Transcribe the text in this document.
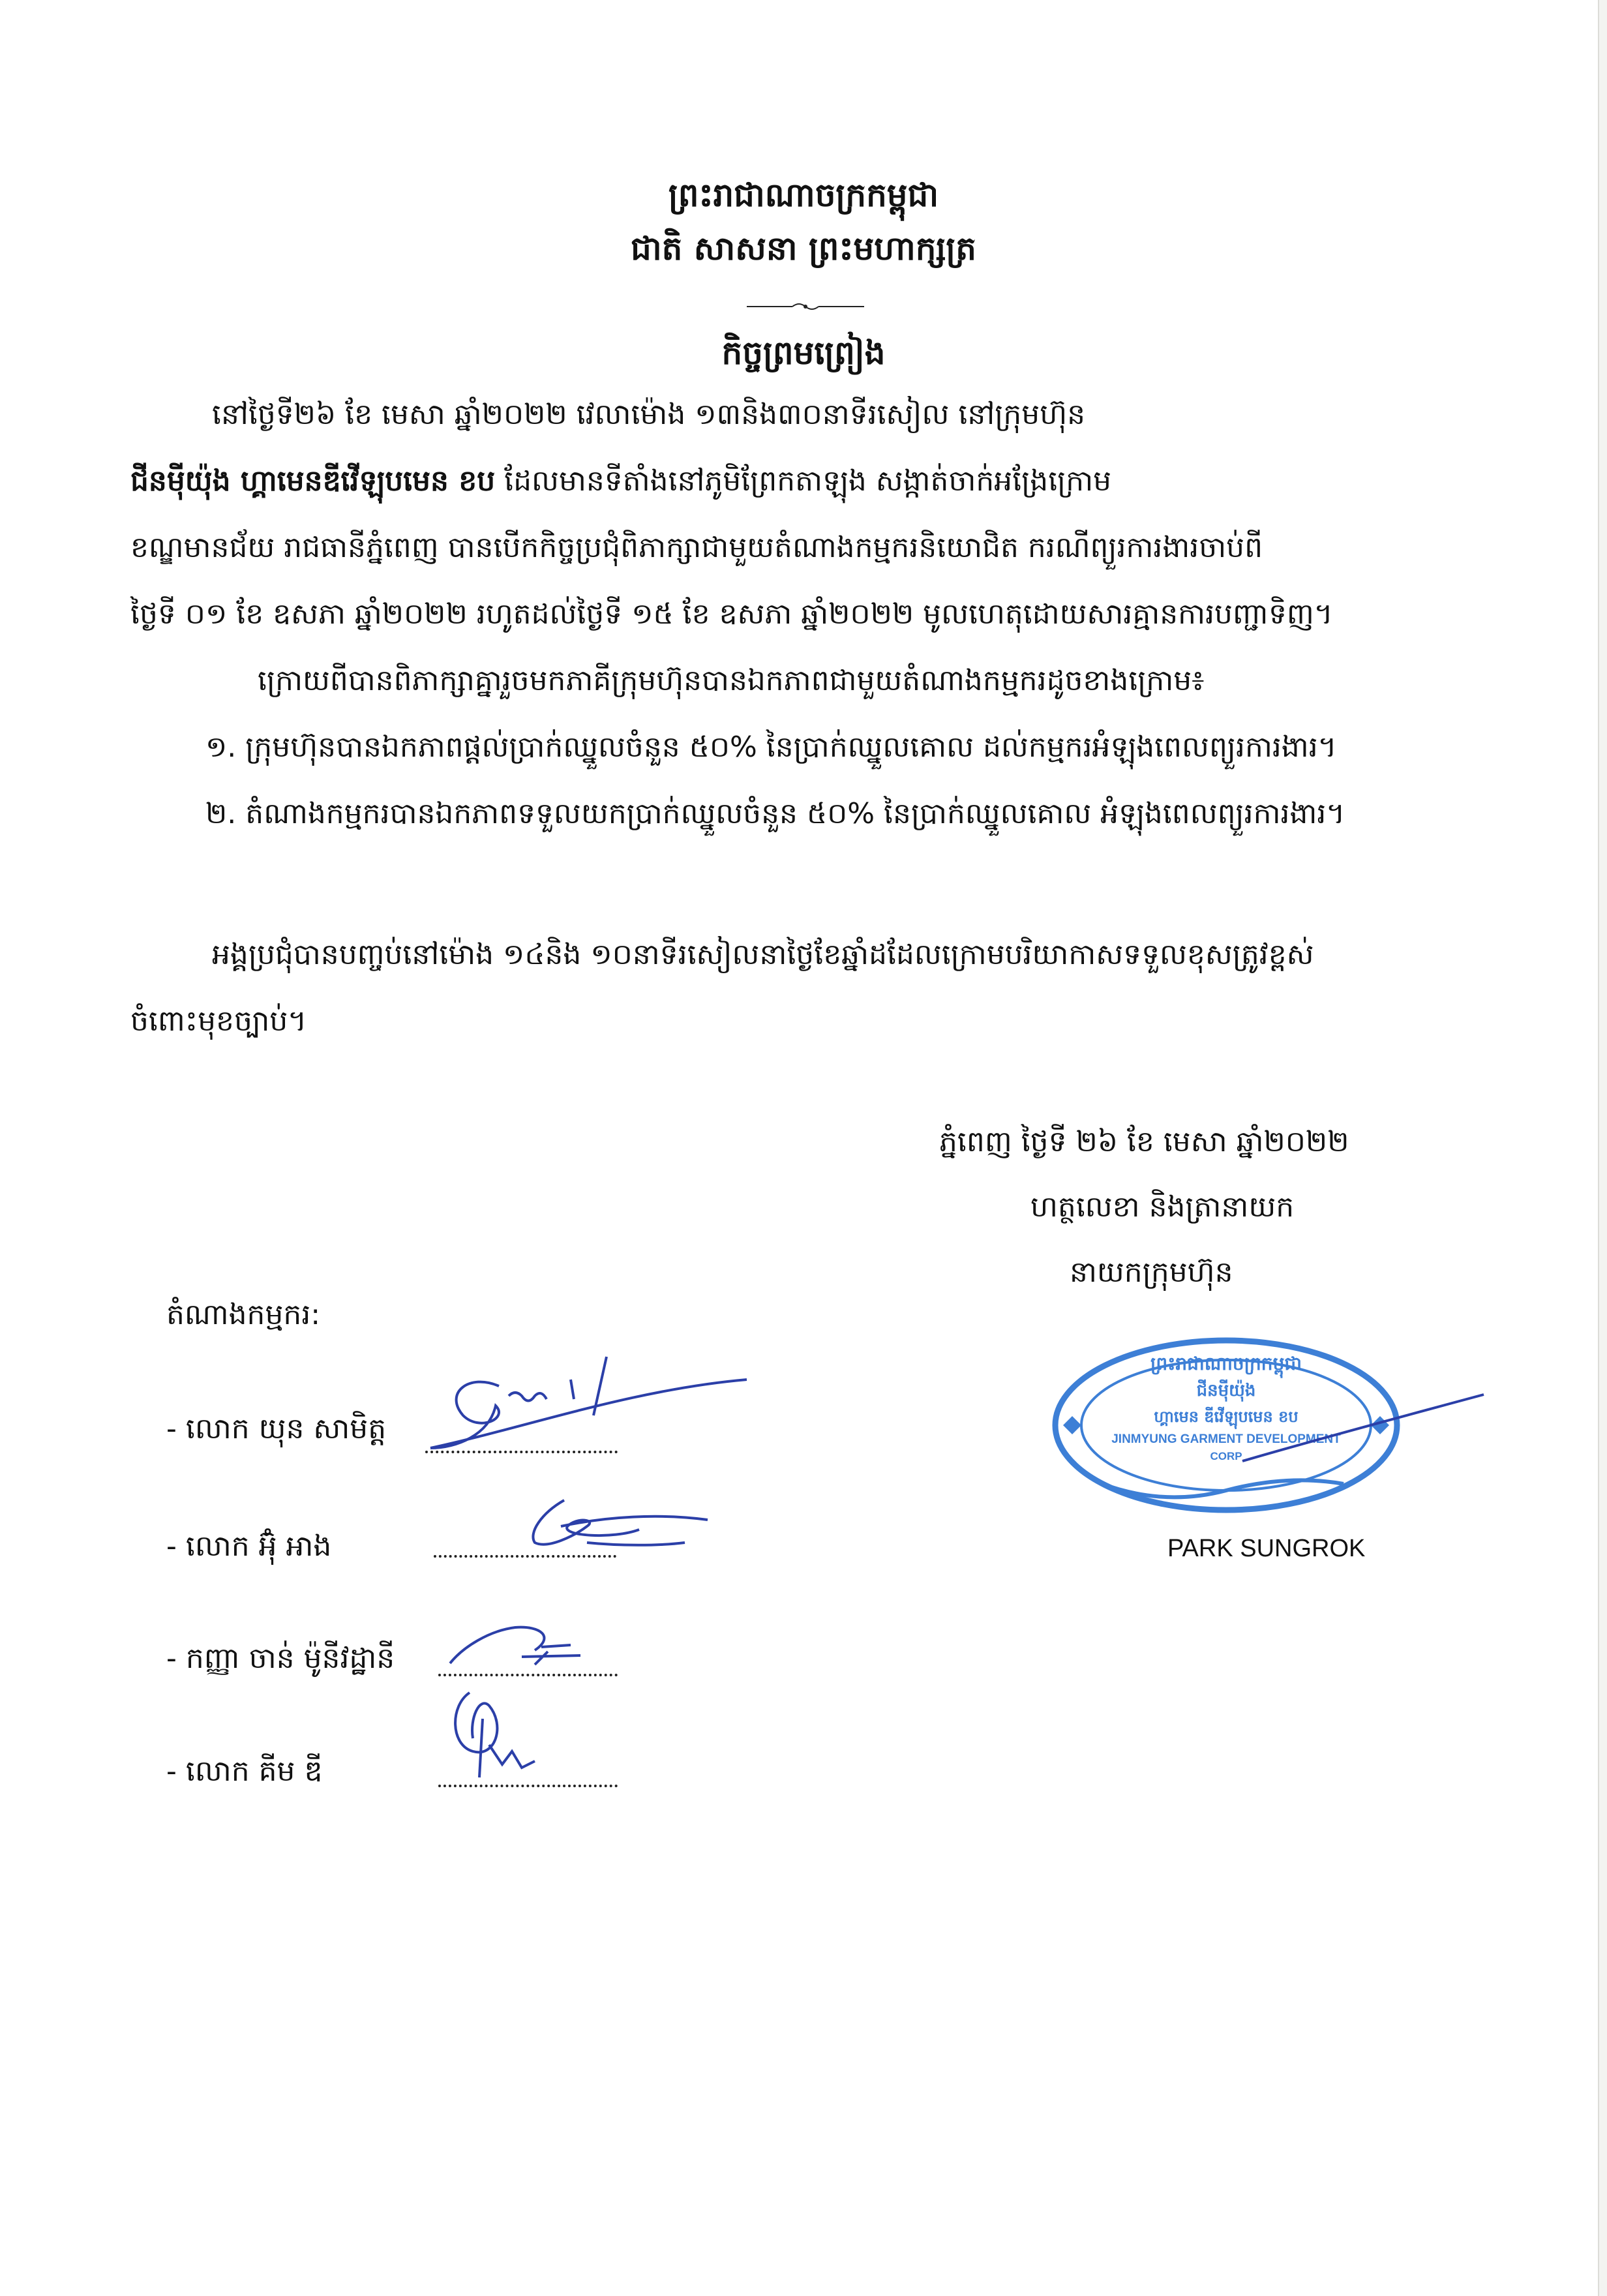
ព្រះរាជាណាចក្រកម្ពុជា
ជាតិ សាសនា ព្រះមហាក្សត្រ
កិច្ចព្រមព្រៀង
នៅថ្ងៃទី២៦ ខែ មេសា ឆ្នាំ២០២២ វេលាម៉ោង ១៣និង៣០នាទីរសៀល នៅក្រុមហ៊ុន
ជីនម៉ីយ៉ុង ហ្គាមេនឌីវើឡុបមេន ខប ដែលមានទីតាំងនៅភូមិព្រែកតាឡុង សង្កាត់ចាក់អង្រែក្រោម
ខណ្ឌមានជ័យ រាជធានីភ្នំពេញ បានបើកកិច្ចប្រជុំពិភាក្សាជាមួយតំណាងកម្មករនិយោជិត ករណីព្យួរការងារចាប់ពី
ថ្ងៃទី ០១ ខែ ឧសភា ឆ្នាំ២០២២ រហូតដល់ថ្ងៃទី ១៥ ខែ ឧសភា ឆ្នាំ២០២២ មូលហេតុដោយសារគ្មានការបញ្ជាទិញ។
ក្រោយពីបានពិភាក្សាគ្នារួចមកភាគីក្រុមហ៊ុនបានឯកភាពជាមួយតំណាងកម្មករដូចខាងក្រោម៖
១. ក្រុមហ៊ុនបានឯកភាពផ្តល់ប្រាក់ឈ្នួលចំនួន ៥០% នៃប្រាក់ឈ្នួលគោល ដល់កម្មករអំឡុងពេលព្យួរការងារ។
២. តំណាងកម្មករបានឯកភាពទទួលយកប្រាក់ឈ្នួលចំនួន ៥០% នៃប្រាក់ឈ្នួលគោល អំឡុងពេលព្យួរការងារ។
អង្គប្រជុំបានបញ្ចប់នៅម៉ោង ១៤និង ១០នាទីរសៀលនាថ្ងៃខែឆ្នាំដដែលក្រោមបរិយាកាសទទួលខុសត្រូវខ្ពស់
ចំពោះមុខច្បាប់។
ភ្នំពេញ ថ្ងៃទី ២៦ ខែ មេសា ឆ្នាំ២០២២
ហត្ថលេខា និងត្រានាយក
នាយកក្រុមហ៊ុន
ព្រះរាជាណាចក្រកម្ពុជា
ជីនម៉ីយ៉ុង
ហ្គាមេន ឌីវើឡុបមេន ខប
JINMYUNG GARMENT DEVELOPMENT
CORP
PARK SUNGROK
តំណាងកម្មករ:
- លោក យុន សាមិត្ត
- លោក អ៊ុំ អាង
- កញ្ញា ចាន់ ម៉ូនីវដ្ឋានី
- លោក គីម ឌី
